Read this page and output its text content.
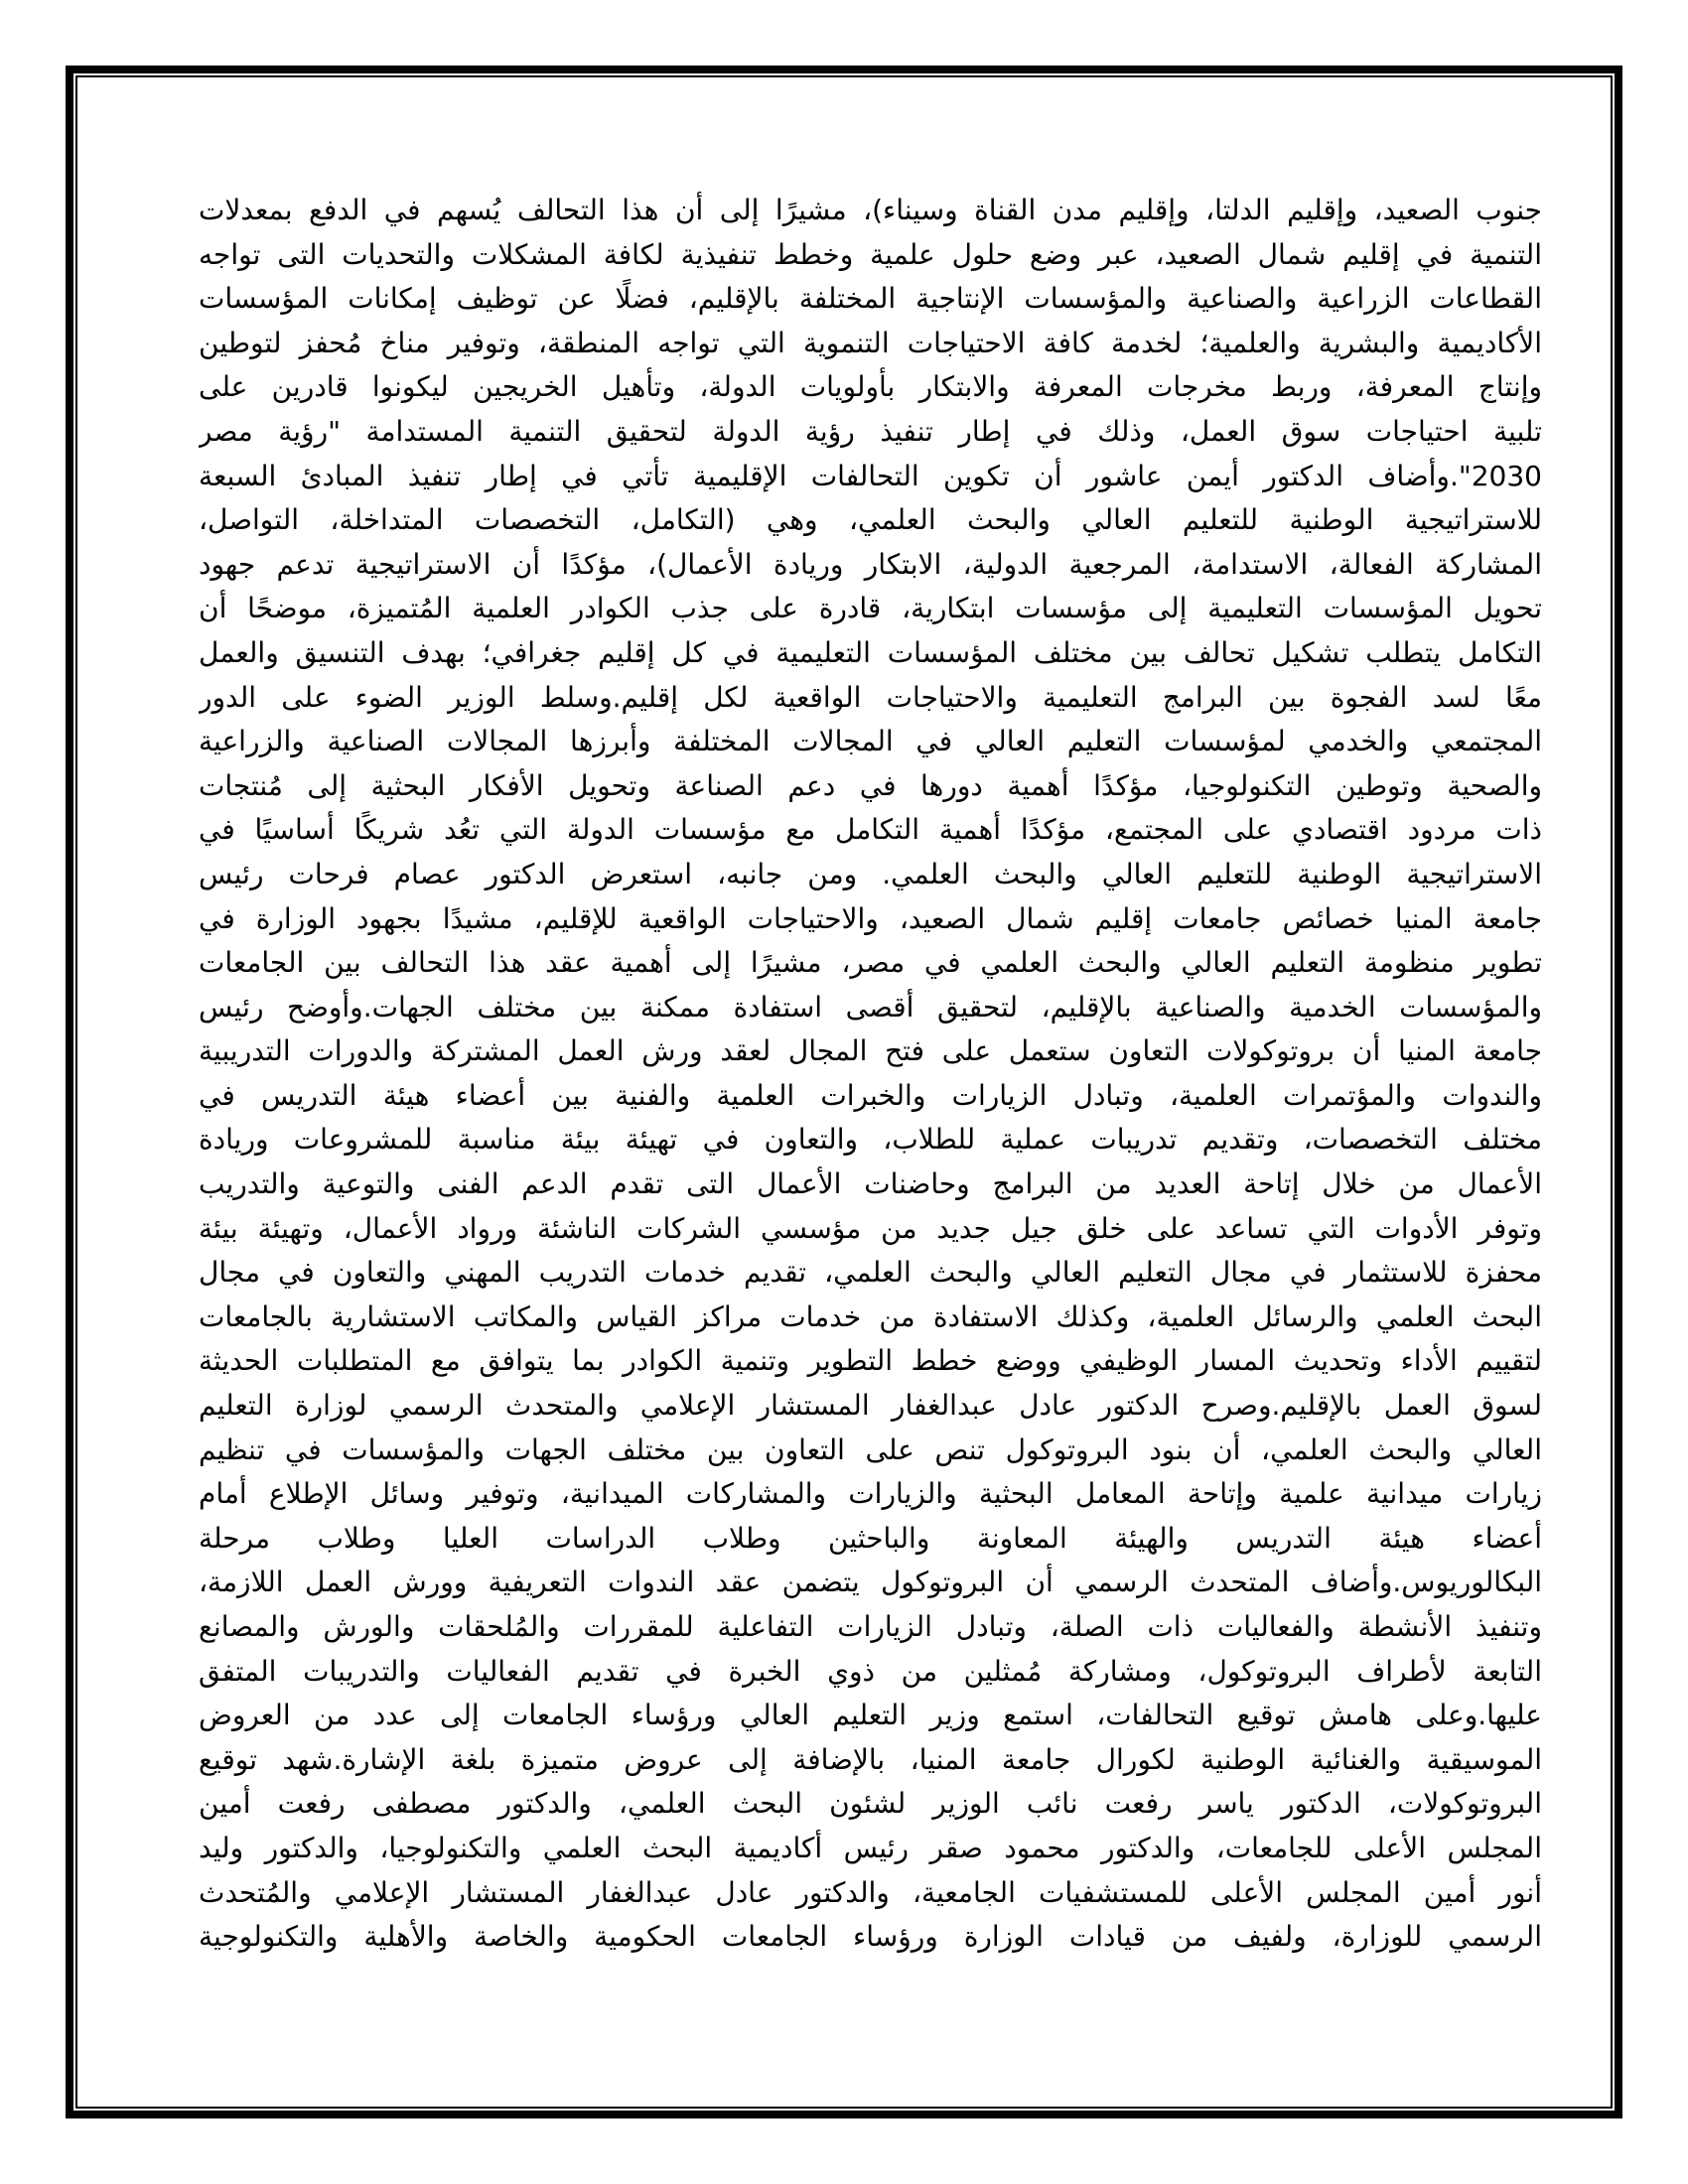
جنوب الصعيد، وإقليم الدلتا، وإقليم مدن القناة وسيناء)، مشيرًا إلى أن هذا التحالف يُسهم في الدفع بمعدلات
التنمية في إقليم شمال الصعيد، عبر وضع حلول علمية وخطط تنفيذية لكافة المشكلات والتحديات التى تواجه
القطاعات الزراعية والصناعية والمؤسسات الإنتاجية المختلفة بالإقليم، فضلًا عن توظيف إمكانات المؤسسات
الأكاديمية والبشرية والعلمية؛ لخدمة كافة الاحتياجات التنموية التي تواجه المنطقة، وتوفير مناخ مُحفز لتوطين
وإنتاج المعرفة، وربط مخرجات المعرفة والابتكار بأولويات الدولة، وتأهيل الخريجين ليكونوا قادرين على
تلبية احتياجات سوق العمل، وذلك في إطار تنفيذ رؤية الدولة لتحقيق التنمية المستدامة "رؤية مصر
2030".وأضاف الدكتور أيمن عاشور أن تكوين التحالفات الإقليمية تأتي في إطار تنفيذ المبادئ السبعة
للاستراتيجية الوطنية للتعليم العالي والبحث العلمي، وهي (التكامل، التخصصات المتداخلة، التواصل،
المشاركة الفعالة، الاستدامة، المرجعية الدولية، الابتكار وريادة الأعمال)، مؤكدًا أن الاستراتيجية تدعم جهود
تحويل المؤسسات التعليمية إلى مؤسسات ابتكارية، قادرة على جذب الكوادر العلمية المُتميزة، موضحًا أن
التكامل يتطلب تشكيل تحالف بين مختلف المؤسسات التعليمية في كل إقليم جغرافي؛ بهدف التنسيق والعمل
معًا لسد الفجوة بين البرامج التعليمية والاحتياجات الواقعية لكل إقليم.وسلط الوزير الضوء على الدور
المجتمعي والخدمي لمؤسسات التعليم العالي في المجالات المختلفة وأبرزها المجالات الصناعية والزراعية
والصحية وتوطين التكنولوجيا، مؤكدًا أهمية دورها في دعم الصناعة وتحويل الأفكار البحثية إلى مُنتجات
ذات مردود اقتصادي على المجتمع، مؤكدًا أهمية التكامل مع مؤسسات الدولة التي تعُد شريكًا أساسيًا في
الاستراتيجية الوطنية للتعليم العالي والبحث العلمي. ومن جانبه، استعرض الدكتور عصام فرحات رئيس
جامعة المنيا خصائص جامعات إقليم شمال الصعيد، والاحتياجات الواقعية للإقليم، مشيدًا بجهود الوزارة في
تطوير منظومة التعليم العالي والبحث العلمي في مصر، مشيرًا إلى أهمية عقد هذا التحالف بين الجامعات
والمؤسسات الخدمية والصناعية بالإقليم، لتحقيق أقصى استفادة ممكنة بين مختلف الجهات.وأوضح رئيس
جامعة المنيا أن بروتوكولات التعاون ستعمل على فتح المجال لعقد ورش العمل المشتركة والدورات التدريبية
والندوات والمؤتمرات العلمية، وتبادل الزيارات والخبرات العلمية والفنية بين أعضاء هيئة التدريس في
مختلف التخصصات، وتقديم تدريبات عملية للطلاب، والتعاون في تهيئة بيئة مناسبة للمشروعات وريادة
الأعمال من خلال إتاحة العديد من البرامج وحاضنات الأعمال التى تقدم الدعم الفنى والتوعية والتدريب
وتوفر الأدوات التي تساعد على خلق جيل جديد من مؤسسي الشركات الناشئة ورواد الأعمال، وتهيئة بيئة
محفزة للاستثمار في مجال التعليم العالي والبحث العلمي، تقديم خدمات التدريب المهني والتعاون في مجال
البحث العلمي والرسائل العلمية، وكذلك الاستفادة من خدمات مراكز القياس والمكاتب الاستشارية بالجامعات
لتقييم الأداء وتحديث المسار الوظيفي ووضع خطط التطوير وتنمية الكوادر بما يتوافق مع المتطلبات الحديثة
لسوق العمل بالإقليم.وصرح الدكتور عادل عبدالغفار المستشار الإعلامي والمتحدث الرسمي لوزارة التعليم
العالي والبحث العلمي، أن بنود البروتوكول تنص على التعاون بين مختلف الجهات والمؤسسات في تنظيم
زيارات ميدانية علمية وإتاحة المعامل البحثية والزيارات والمشاركات الميدانية، وتوفير وسائل الإطلاع أمام
أعضاء هيئة التدريس والهيئة المعاونة والباحثين وطلاب الدراسات العليا وطلاب مرحلة
البكالوريوس.وأضاف المتحدث الرسمي أن البروتوكول يتضمن عقد الندوات التعريفية وورش العمل اللازمة،
وتنفيذ الأنشطة والفعاليات ذات الصلة، وتبادل الزيارات التفاعلية للمقررات والمُلحقات والورش والمصانع
التابعة لأطراف البروتوكول، ومشاركة مُمثلين من ذوي الخبرة في تقديم الفعاليات والتدريبات المتفق
عليها.وعلى هامش توقيع التحالفات، استمع وزير التعليم العالي ورؤساء الجامعات إلى عدد من العروض
الموسيقية والغنائية الوطنية لكورال جامعة المنيا، بالإضافة إلى عروض متميزة بلغة الإشارة.شهد توقيع
البروتوكولات، الدكتور ياسر رفعت نائب الوزير لشئون البحث العلمي، والدكتور مصطفى رفعت أمين
المجلس الأعلى للجامعات، والدكتور محمود صقر رئيس أكاديمية البحث العلمي والتكنولوجيا، والدكتور وليد
أنور أمين المجلس الأعلى للمستشفيات الجامعية، والدكتور عادل عبدالغفار المستشار الإعلامي والمُتحدث
الرسمي للوزارة، ولفيف من قيادات الوزارة ورؤساء الجامعات الحكومية والخاصة والأهلية والتكنولوجية
